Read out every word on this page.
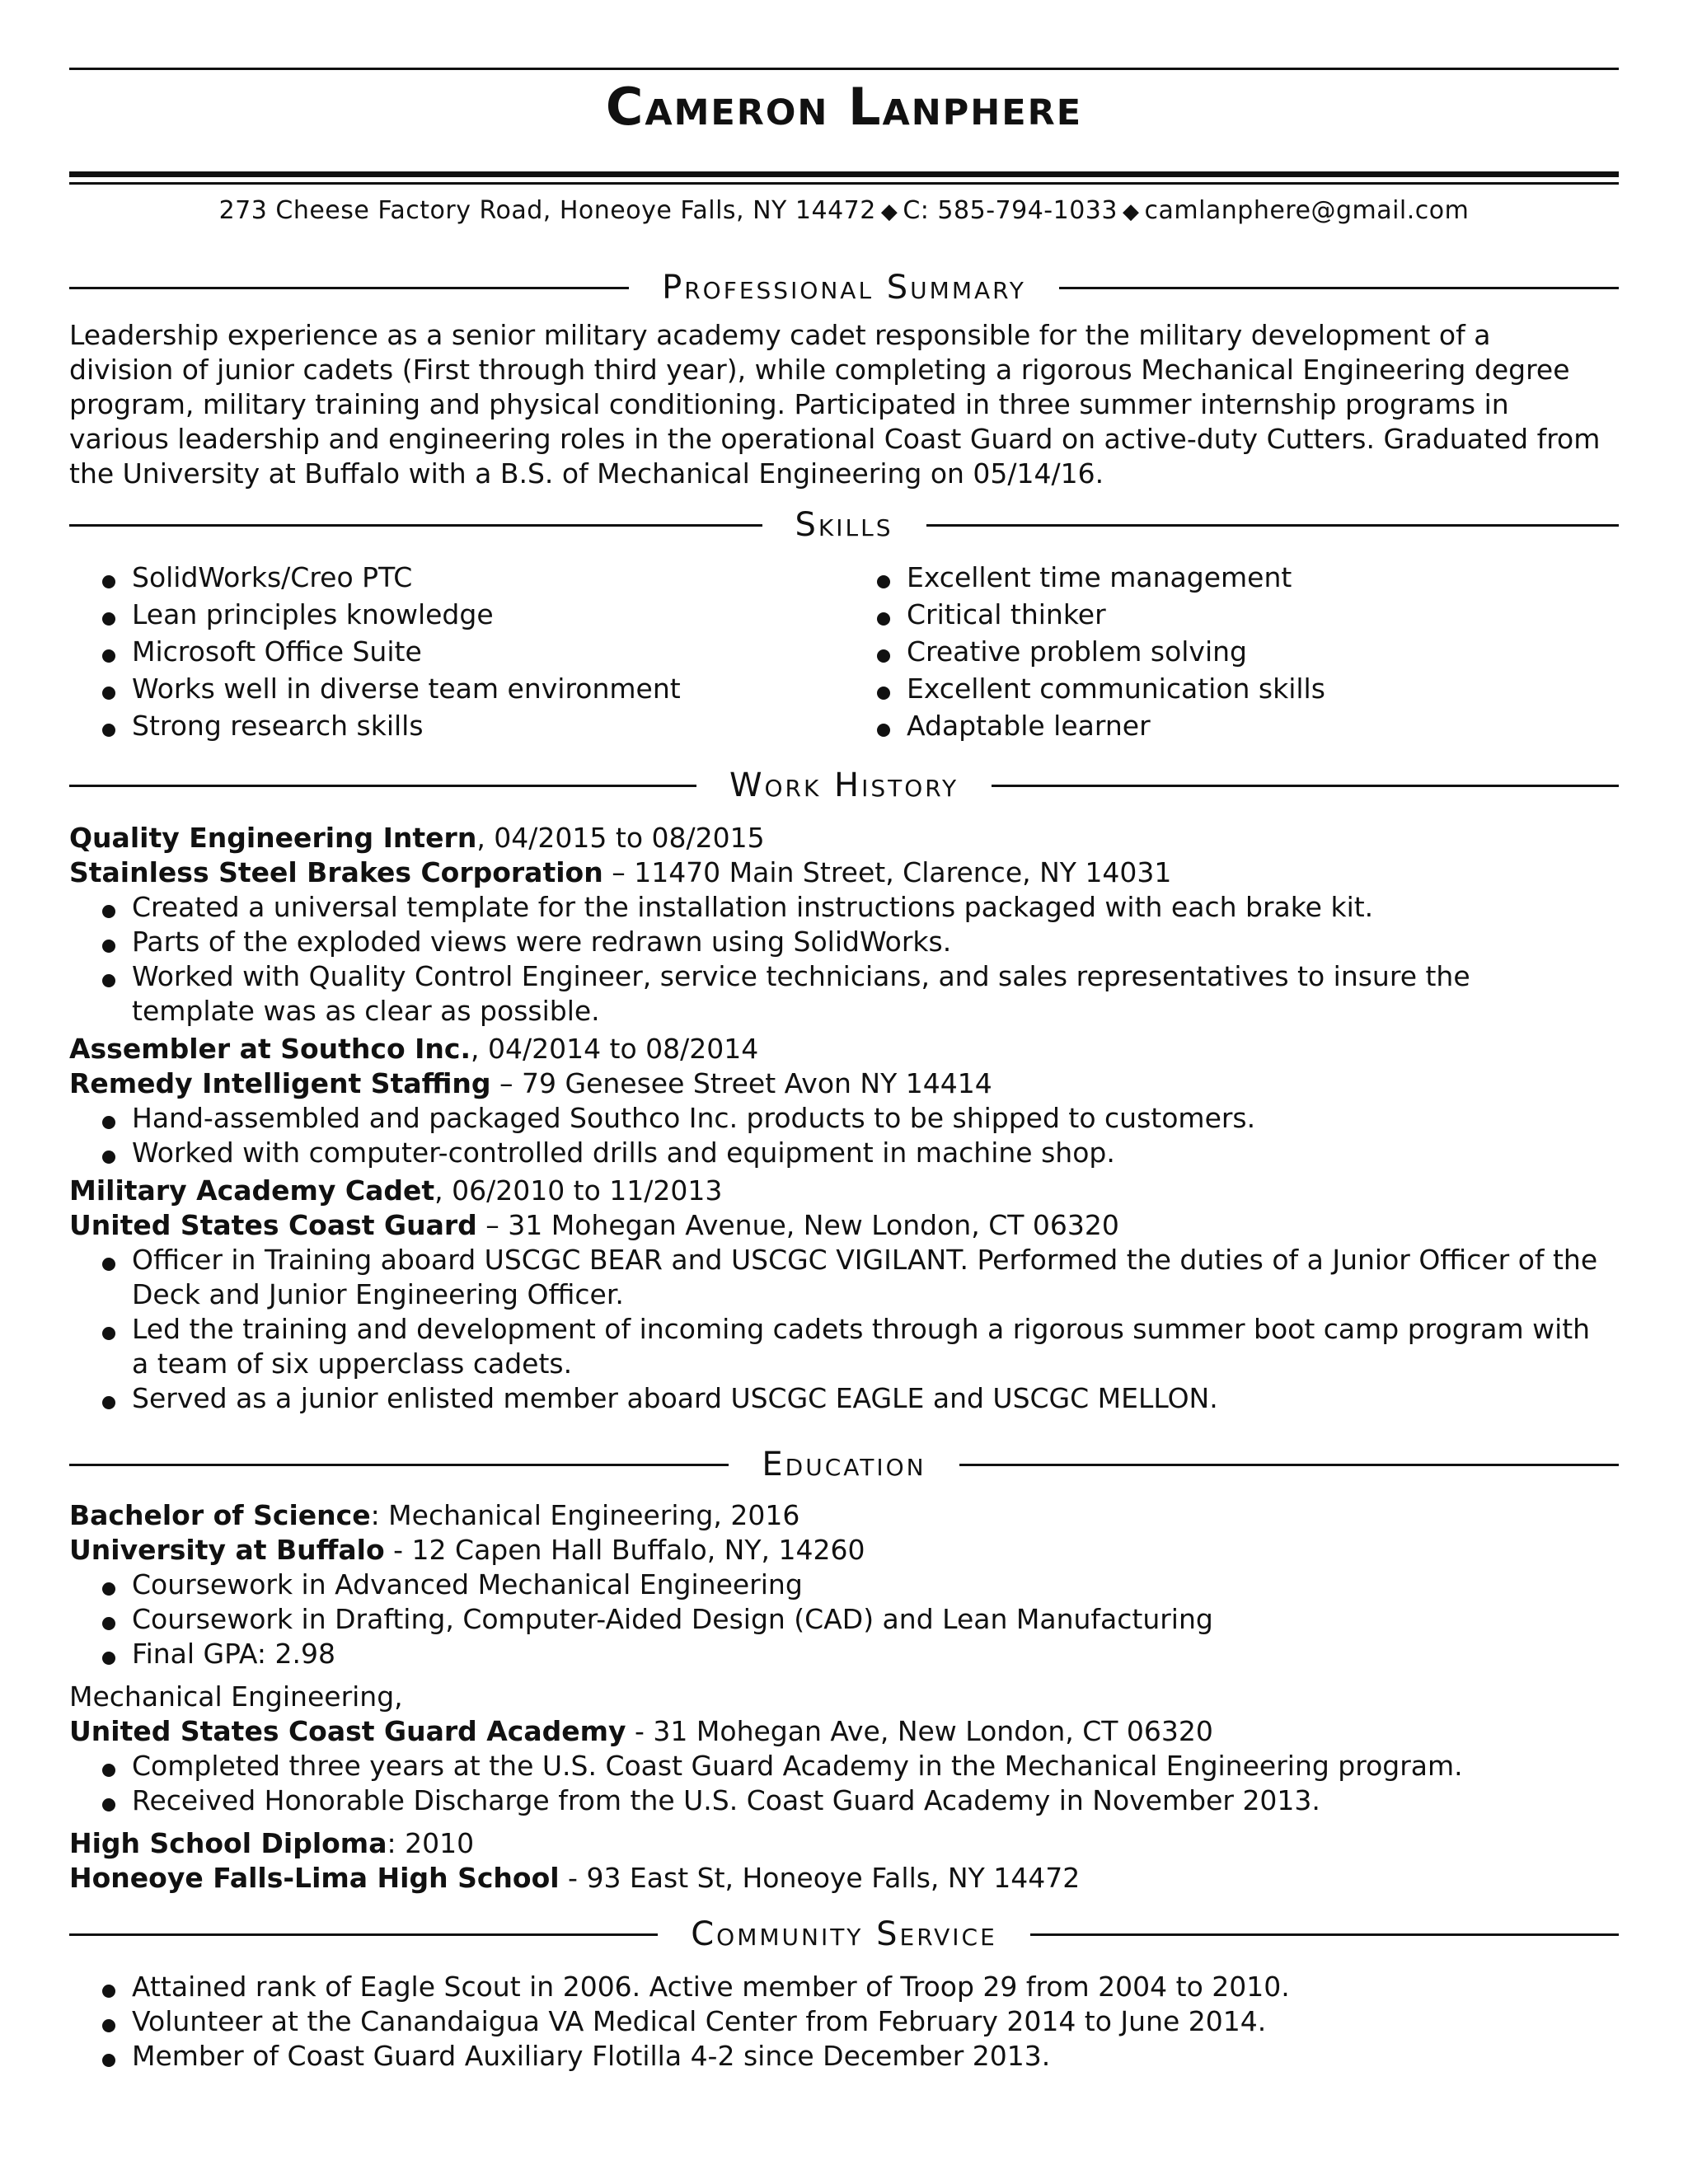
Cameron Lanphere
273 Cheese Factory Road, Honeoye Falls, NY 14472 ◆ C: 585-794-1033 ◆ camlanphere@gmail.com
Professional Summary
Leadership experience as a senior military academy cadet responsible for the military development of a division of junior cadets (First through third year), while completing a rigorous Mechanical Engineering degree program, military training and physical conditioning. Participated in three summer internship programs in various leadership and engineering roles in the operational Coast Guard on active-duty Cutters. Graduated from the University at Buffalo with a B.S. of Mechanical Engineering on 05/14/16.
Skills
SolidWorks/Creo PTC
Lean principles knowledge
Microsoft Office Suite
Works well in diverse team environment
Strong research skills
Excellent time management
Critical thinker
Creative problem solving
Excellent communication skills
Adaptable learner
Work History
Quality Engineering Intern, 04/2015 to 08/2015
Stainless Steel Brakes Corporation – 11470 Main Street, Clarence, NY 14031
Created a universal template for the installation instructions packaged with each brake kit.
Parts of the exploded views were redrawn using SolidWorks.
Worked with Quality Control Engineer, service technicians, and sales representatives to insure the template was as clear as possible.
Assembler at Southco Inc., 04/2014 to 08/2014
Remedy Intelligent Staffing – 79 Genesee Street Avon NY 14414
Hand-assembled and packaged Southco Inc. products to be shipped to customers.
Worked with computer-controlled drills and equipment in machine shop.
Military Academy Cadet, 06/2010 to 11/2013
United States Coast Guard – 31 Mohegan Avenue, New London, CT 06320
Officer in Training aboard USCGC BEAR and USCGC VIGILANT. Performed the duties of a Junior Officer of the Deck and Junior Engineering Officer.
Led the training and development of incoming cadets through a rigorous summer boot camp program with a team of six upperclass cadets.
Served as a junior enlisted member aboard USCGC EAGLE and USCGC MELLON.
Education
Bachelor of Science: Mechanical Engineering, 2016
University at Buffalo - 12 Capen Hall Buffalo, NY, 14260
Coursework in Advanced Mechanical Engineering
Coursework in Drafting, Computer-Aided Design (CAD) and Lean Manufacturing
Final GPA: 2.98
Mechanical Engineering,
United States Coast Guard Academy - 31 Mohegan Ave, New London, CT 06320
Completed three years at the U.S. Coast Guard Academy in the Mechanical Engineering program.
Received Honorable Discharge from the U.S. Coast Guard Academy in November 2013.
High School Diploma: 2010
Honeoye Falls-Lima High School - 93 East St, Honeoye Falls, NY 14472
Community Service
Attained rank of Eagle Scout in 2006. Active member of Troop 29 from 2004 to 2010.
Volunteer at the Canandaigua VA Medical Center from February 2014 to June 2014.
Member of Coast Guard Auxiliary Flotilla 4-2 since December 2013.
